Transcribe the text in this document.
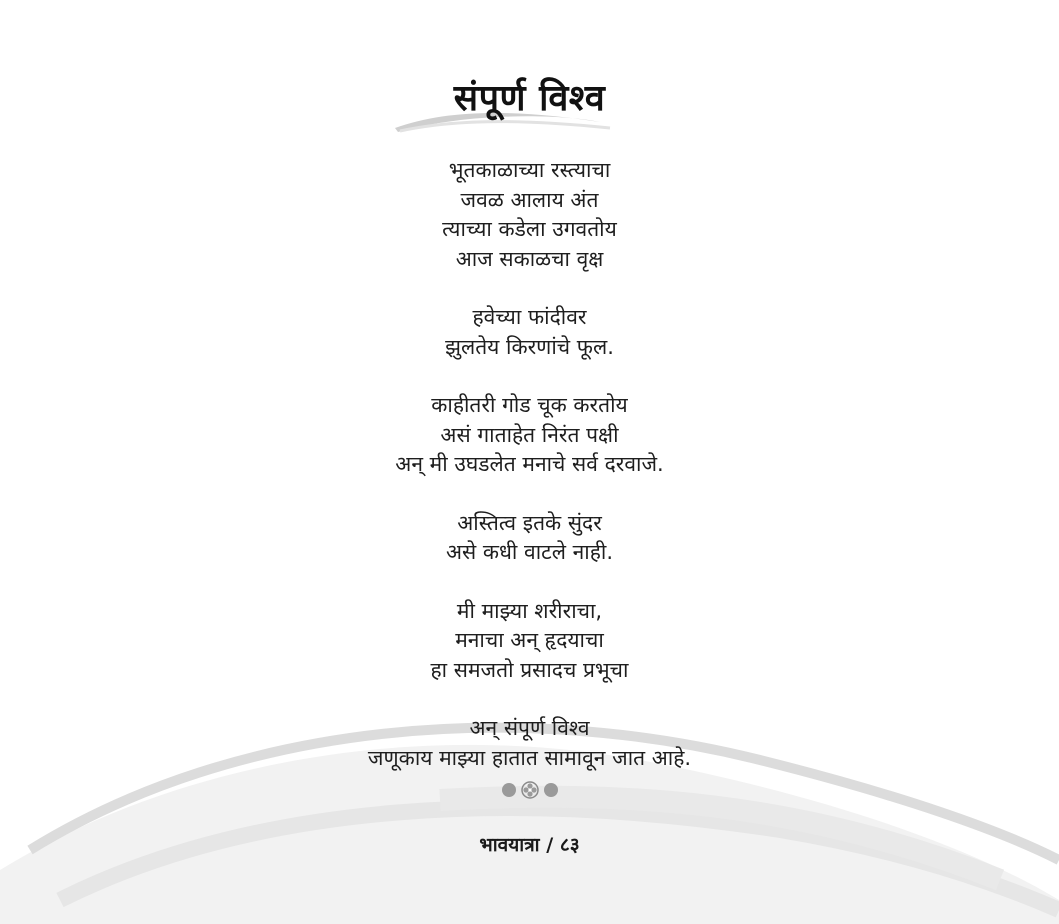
संपूर्ण विश्व
भूतकाळाच्या रस्त्याचा
जवळ आलाय अंत
त्याच्या कडेला उगवतोय
आज सकाळचा वृक्ष
हवेच्या फांदीवर
झुलतेय किरणांचे फूल.
काहीतरी गोड चूक करतोय
असं गाताहेत निरंत पक्षी
अन् मी उघडलेत मनाचे सर्व दरवाजे.
अस्तित्व इतके सुंदर
असे कधी वाटले नाही.
मी माझ्या शरीराचा,
मनाचा अन् हृदयाचा
हा समजतो प्रसादच प्रभूचा
अन् संपूर्ण विश्व
जणूकाय माझ्या हातात सामावून जात आहे.
भावयात्रा / ८३
